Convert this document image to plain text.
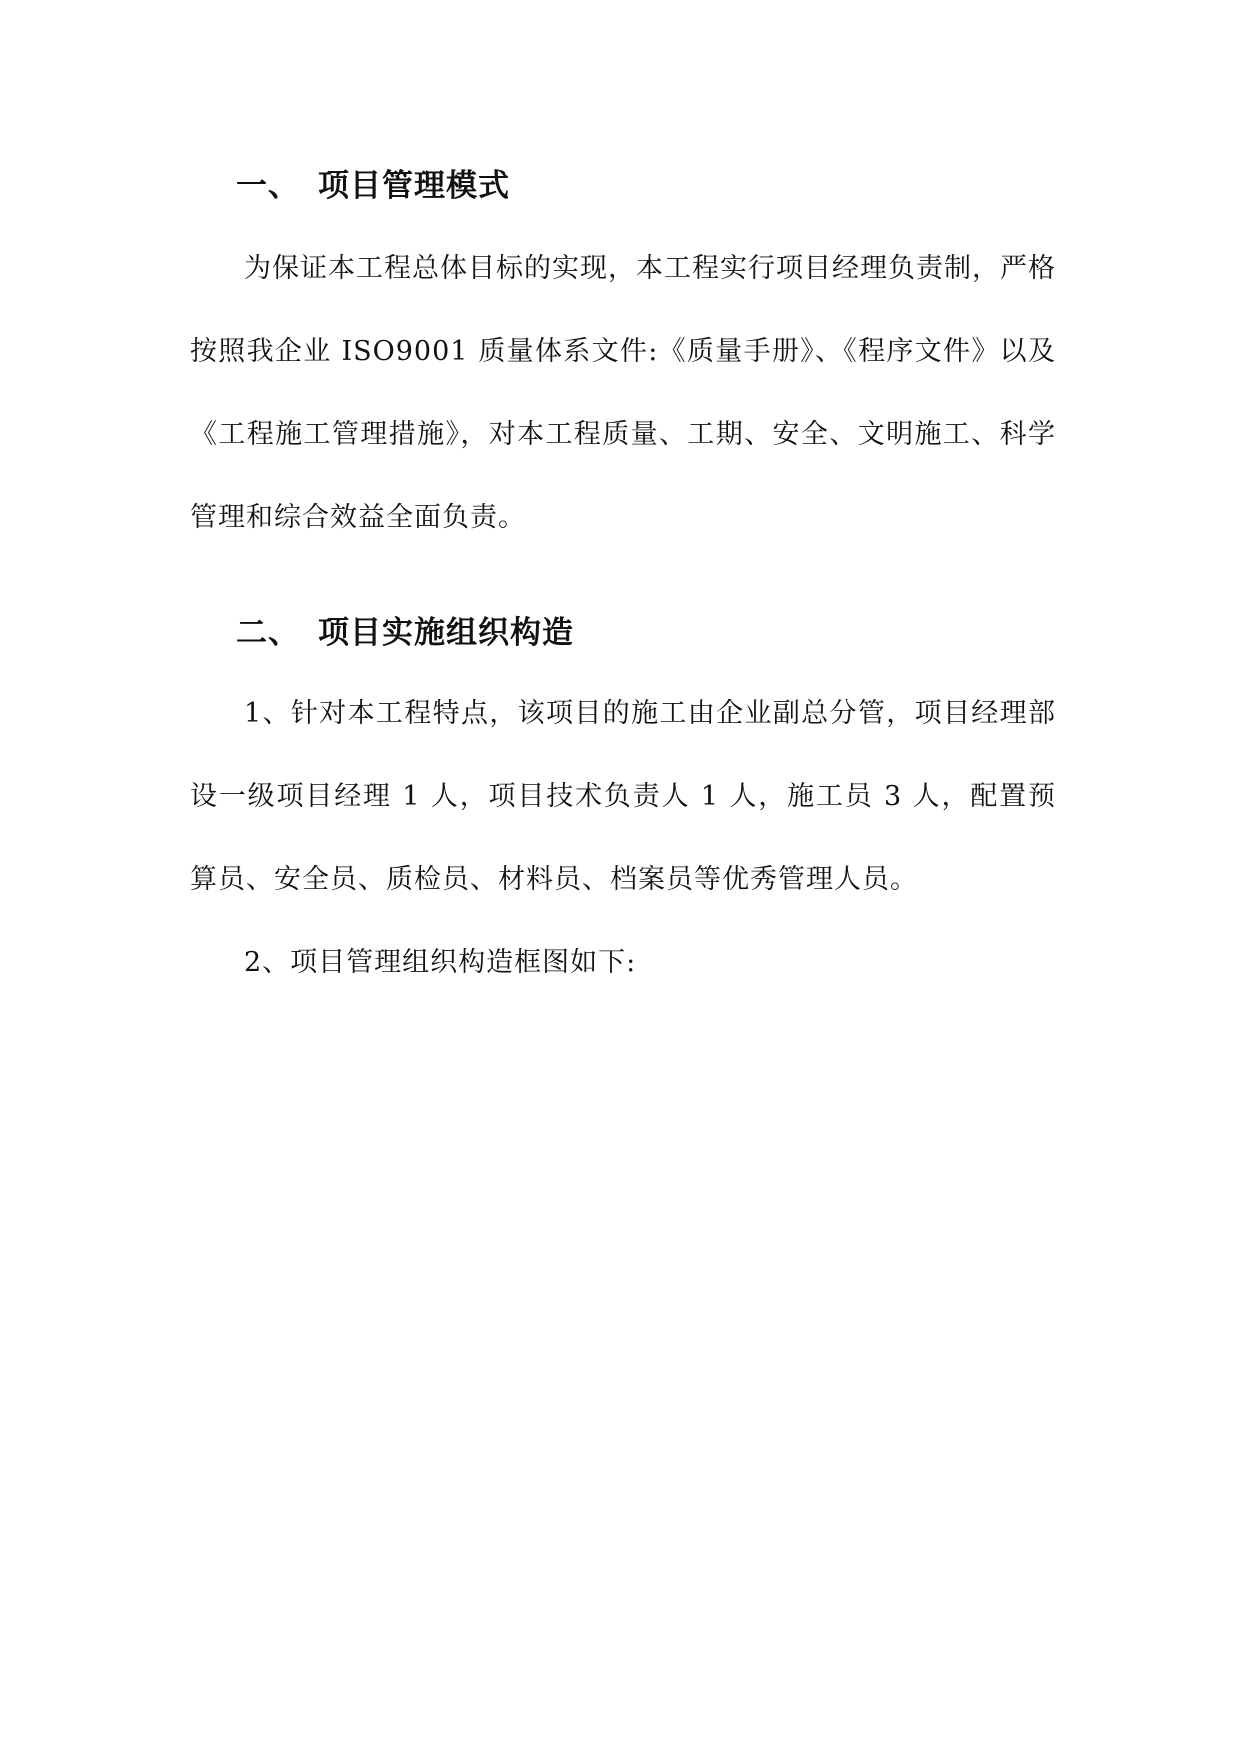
一、 项目管理模式

为保证本工程总体目标的实现，本工程实行项目经理负责制，严格按照我企业 ISO9001 质量体系文件:《质量手册》、《程序文件》以及《工程施工管理措施》，对本工程质量、工期、安全、文明施工、科学管理和综合效益全面负责。

二、 项目实施组织构造

1、针对本工程特点，该项目的施工由企业副总分管，项目经理部设一级项目经理 1 人，项目技术负责人 1 人，施工员 3 人，配置预算员、安全员、质检员、材料员、档案员等优秀管理人员。

2、项目管理组织构造框图如下:
